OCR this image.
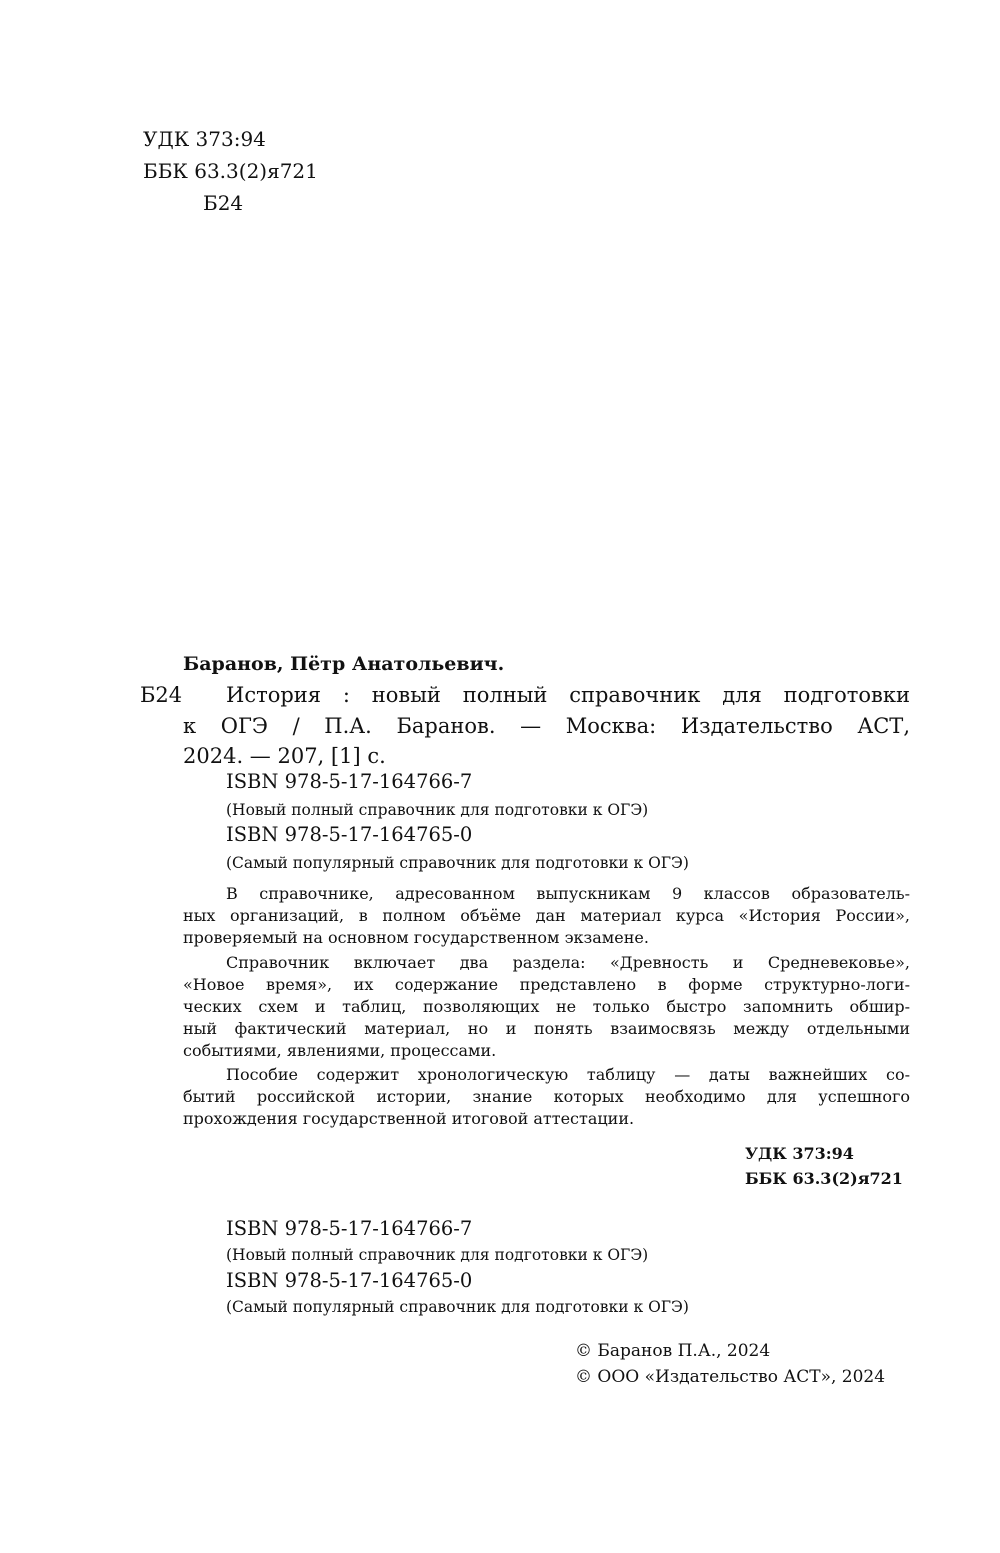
УДК 373:94
ББК 63.3(2)я721
Б24
Баранов, Пётр Анатольевич.
Б24 История : новый полный справочник для подготовки
к ОГЭ / П.А. Баранов. — Москва: Издательство АСТ,
2024. — 207, [1] с.
ISBN 978-5-17-164766-7
(Новый полный справочник для подготовки к ОГЭ)
ISBN 978-5-17-164765-0
(Самый популярный справочник для подготовки к ОГЭ)
В справочнике, адресованном выпускникам 9 классов образователь-
ных организаций, в полном объёме дан материал курса «История России»,
проверяемый на основном государственном экзамене.
Справочник включает два раздела: «Древность и Средневековье»,
«Новое время», их содержание представлено в форме структурно-логи-
ческих схем и таблиц, позволяющих не только быстро запомнить обшир-
ный фактический материал, но и понять взаимосвязь между отдельными
событиями, явлениями, процессами.
Пособие содержит хронологическую таблицу — даты важнейших со-
бытий российской истории, знание которых необходимо для успешного
прохождения государственной итоговой аттестации.
УДК 373:94
ББК 63.3(2)я721
ISBN 978-5-17-164766-7
(Новый полный справочник для подготовки к ОГЭ)
ISBN 978-5-17-164765-0
(Самый популярный справочник для подготовки к ОГЭ)
© Баранов П.А., 2024
© ООО «Издательство АСТ», 2024
